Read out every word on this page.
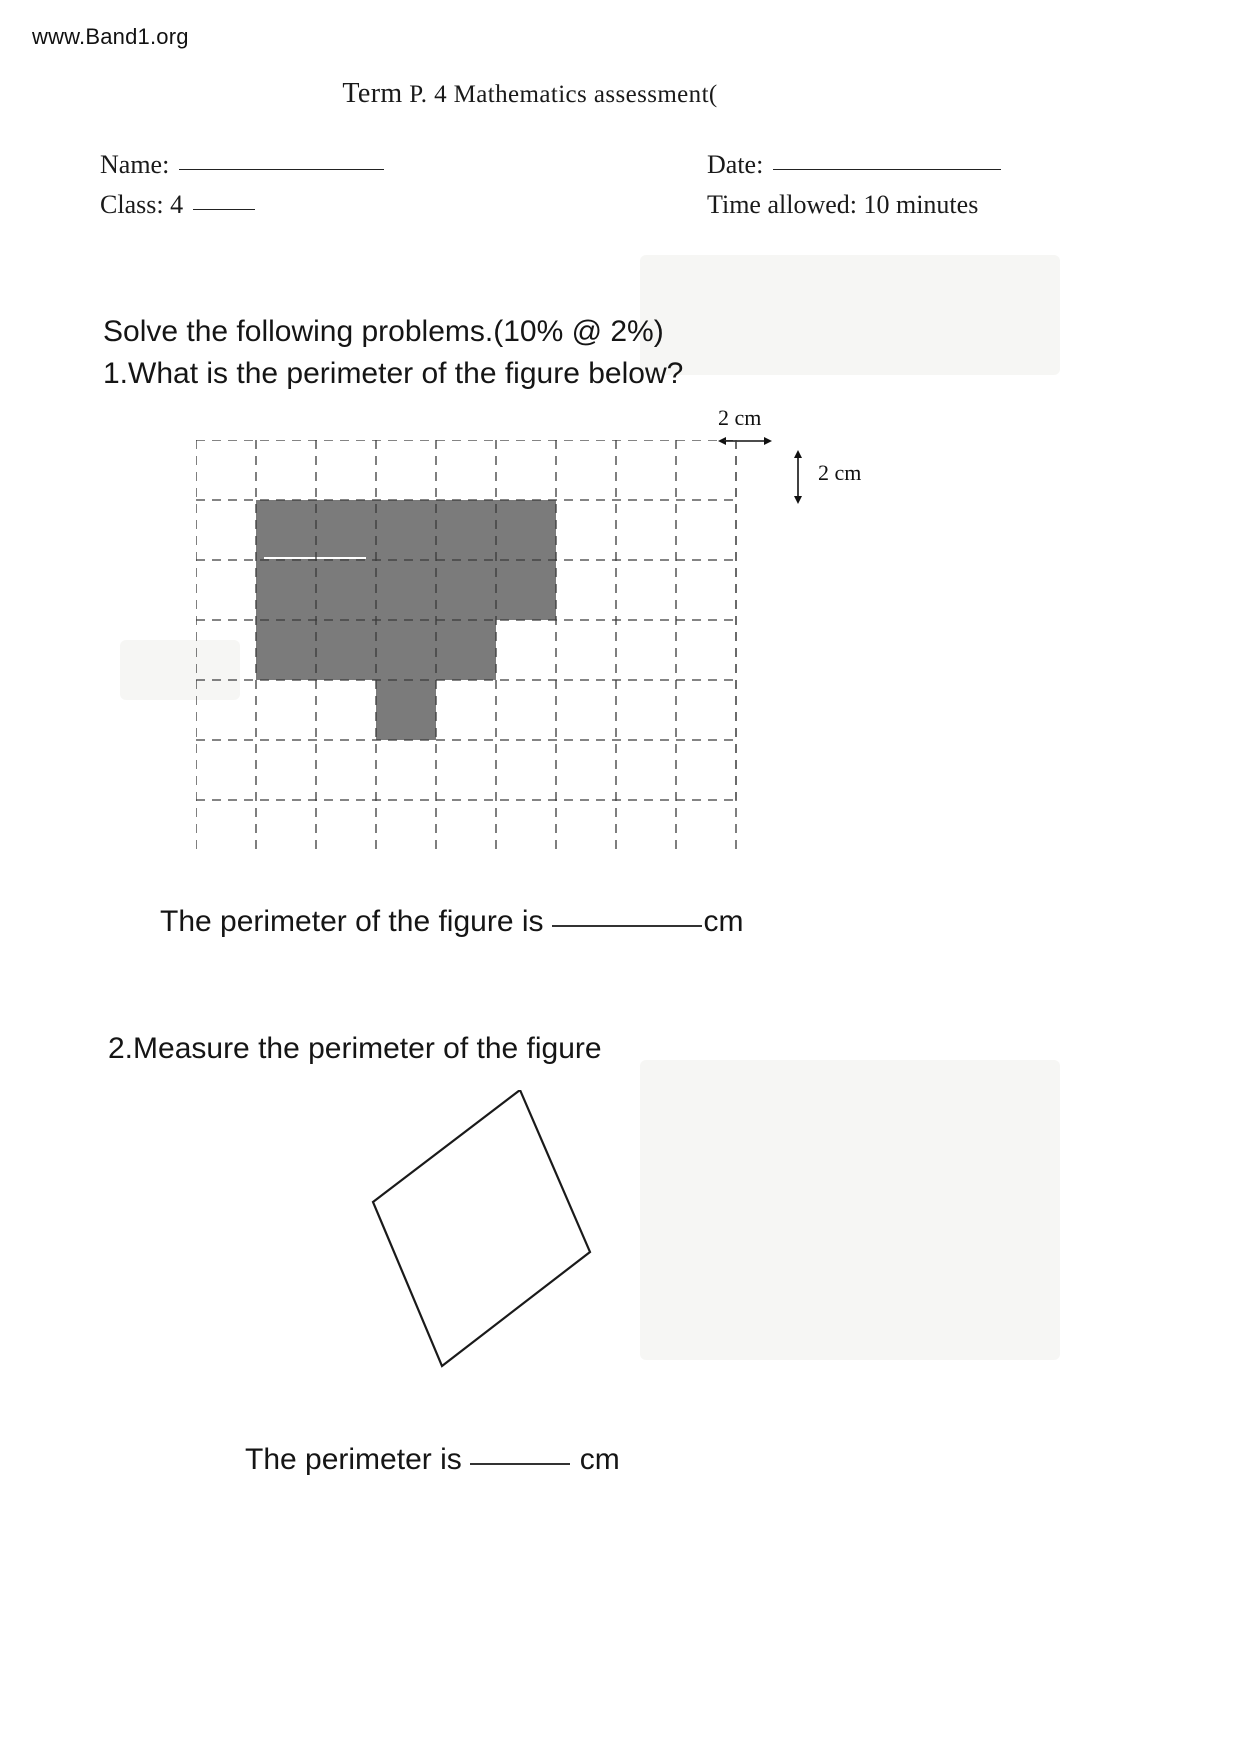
www.Band1.org
Term P. 4 Mathematics assessment(
Name:	Date:
Class: 4	Time allowed: 10 minutes
Solve the following problems.(10% @ 2%)
1.What is the perimeter of the figure below?
2 cm
2 cm
The perimeter of the figure is	cm
2.Measure the perimeter of the figure
The perimeter is	cm
